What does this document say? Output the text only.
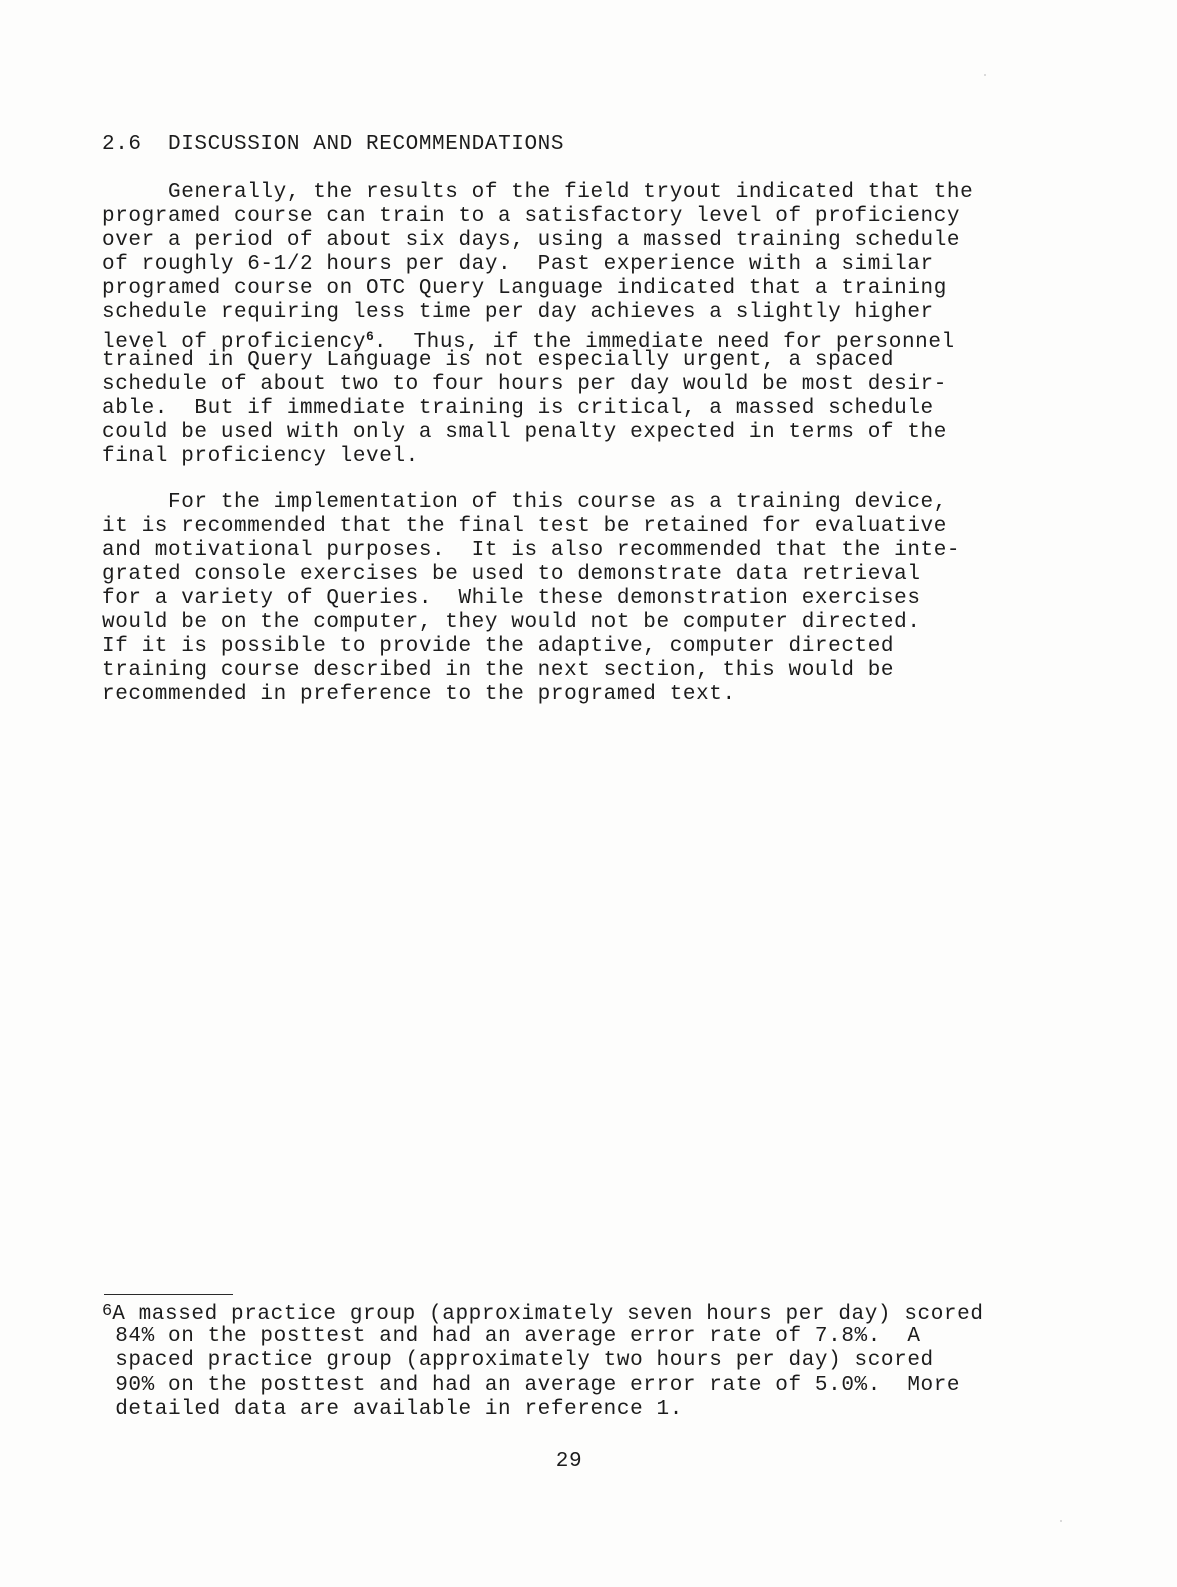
2.6 DISCUSSION AND RECOMMENDATIONS
Generally, the results of the field tryout indicated that the
programed course can train to a satisfactory level of proficiency
over a period of about six days, using a massed training schedule
of roughly 6-1/2 hours per day.  Past experience with a similar
programed course on OTC Query Language indicated that a training
schedule requiring less time per day achieves a slightly higher
level of proficiency$^6$.  Thus, if the immediate need for personnel
trained in Query Language is not especially urgent, a spaced
schedule of about two to four hours per day would be most desir-
able.  But if immediate training is critical, a massed schedule
could be used with only a small penalty expected in terms of the
final proficiency level.
For the implementation of this course as a training device,
it is recommended that the final test be retained for evaluative
and motivational purposes.  It is also recommended that the inte-
grated console exercises be used to demonstrate data retrieval
for a variety of Queries.  While these demonstration exercises
would be on the computer, they would not be computer directed.
If it is possible to provide the adaptive, computer directed
training course described in the next section, this would be
recommended in preference to the programed text.
6A massed practice group (approximately seven hours per day) scored
84% on the posttest and had an average error rate of 7.8%.  A
spaced practice group (approximately two hours per day) scored
90% on the posttest and had an average error rate of 5.0%.  More
detailed data are available in reference 1.
29
